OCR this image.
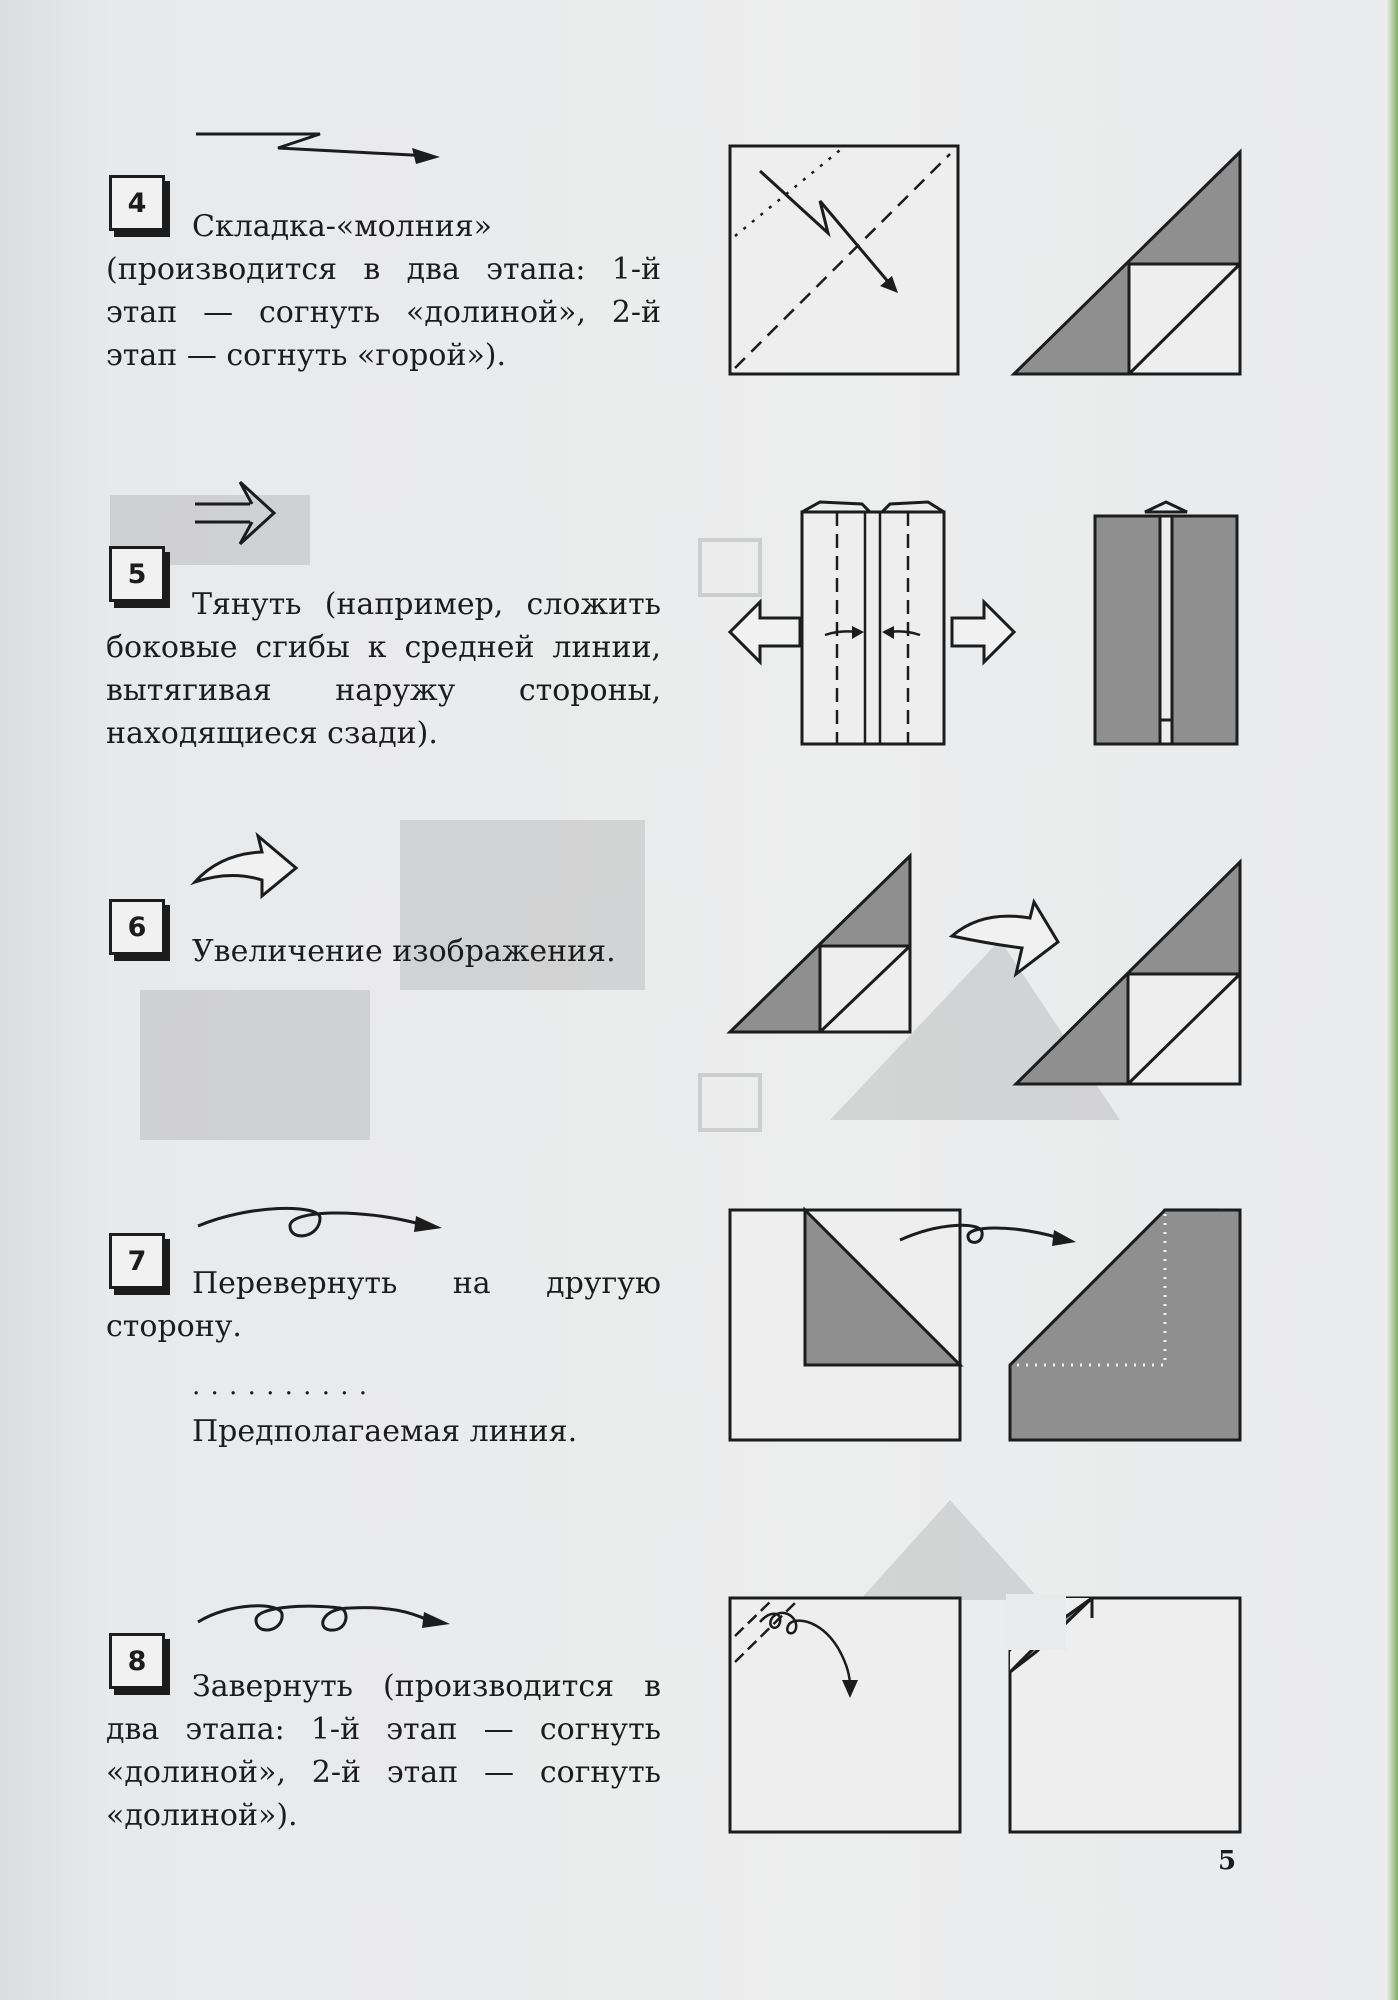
4
Складка-«молния» (производится в два этапа: 1-й этап — согнуть «долиной», 2-й этап — согнуть «горой»).
5
Тянуть (например, сложить боковые сгибы к средней линии, вытягивая наружу стороны, находящиеся сзади).
6
Увеличение изображения.
7
Перевернуть на другую сторону.
. . . . . . . . . .
Предполагаемая линия.
8
Завернуть (производится в два этапа: 1-й этап — согнуть «долиной», 2-й этап — согнуть «долиной»).
5
